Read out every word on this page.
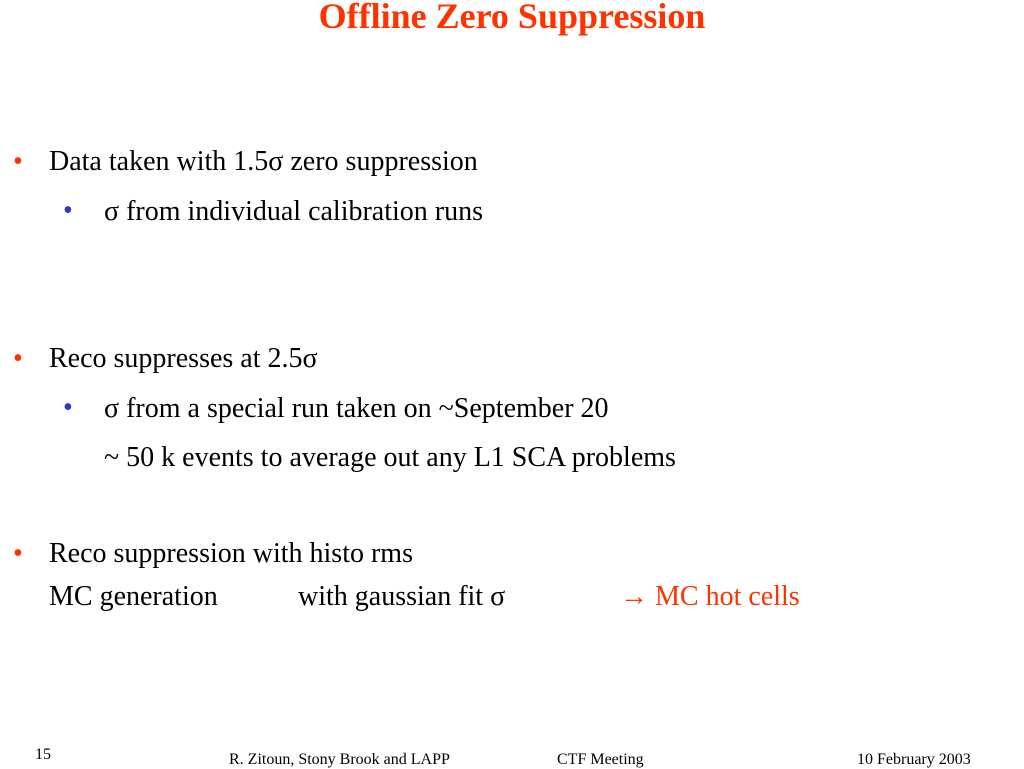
Offline Zero Suppression
• Data taken with 1.5σ zero suppression
• σ from individual calibration runs
• Reco suppresses at 2.5σ
• σ from a special run taken on ~September 20
~ 50 k events to average out any L1 SCA problems
• Reco suppression with histo rms
MC generation	with gaussian fit σ	→ MC hot cells
15	R. Zitoun, Stony Brook and LAPP	CTF Meeting	10 February 2003
